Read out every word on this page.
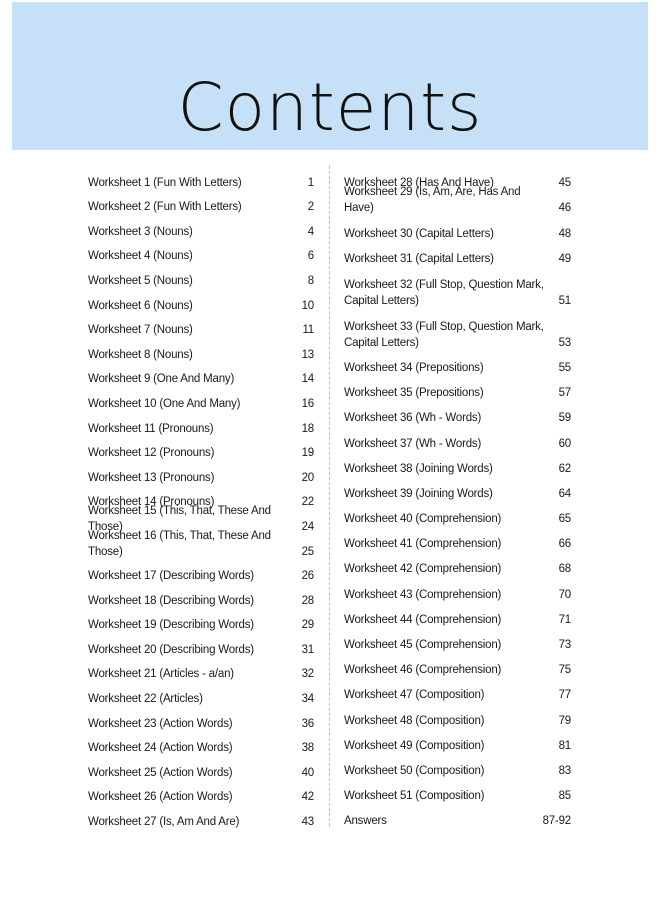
Contents
Worksheet 1 (Fun With Letters)	1
Worksheet 2 (Fun With Letters)	2
Worksheet 3 (Nouns)	4
Worksheet 4 (Nouns)	6
Worksheet 5 (Nouns)	8
Worksheet 6 (Nouns)	10
Worksheet 7 (Nouns)	11
Worksheet 8 (Nouns)	13
Worksheet 9 (One And Many)	14
Worksheet 10 (One And Many)	16
Worksheet 11 (Pronouns)	18
Worksheet 12 (Pronouns)	19
Worksheet 13 (Pronouns)	20
Worksheet 14 (Pronouns)	22
Worksheet 15 (This, That, These And Those)	24
Worksheet 16 (This, That, These And Those)	25
Worksheet 17 (Describing Words)	26
Worksheet 18 (Describing Words)	28
Worksheet 19 (Describing Words)	29
Worksheet 20 (Describing Words)	31
Worksheet 21 (Articles - a/an)	32
Worksheet 22 (Articles)	34
Worksheet 23 (Action Words)	36
Worksheet 24 (Action Words)	38
Worksheet 25 (Action Words)	40
Worksheet 26 (Action Words)	42
Worksheet 27 (Is, Am And Are)	43
Worksheet 28 (Has And Have)	45
Worksheet 29 (Is, Am, Are, Has And Have)	46
Worksheet 30 (Capital Letters)	48
Worksheet 31 (Capital Letters)	49
Worksheet 32 (Full Stop, Question Mark, Capital Letters)	51
Worksheet 33 (Full Stop, Question Mark, Capital Letters)	53
Worksheet 34 (Prepositions)	55
Worksheet 35 (Prepositions)	57
Worksheet 36 (Wh - Words)	59
Worksheet 37 (Wh - Words)	60
Worksheet 38 (Joining Words)	62
Worksheet 39 (Joining Words)	64
Worksheet 40 (Comprehension)	65
Worksheet 41 (Comprehension)	66
Worksheet 42 (Comprehension)	68
Worksheet 43 (Comprehension)	70
Worksheet 44 (Comprehension)	71
Worksheet 45 (Comprehension)	73
Worksheet 46 (Comprehension)	75
Worksheet 47 (Composition)	77
Worksheet 48 (Composition)	79
Worksheet 49 (Composition)	81
Worksheet 50 (Composition)	83
Worksheet 51 (Composition)	85
Answers	87-92
